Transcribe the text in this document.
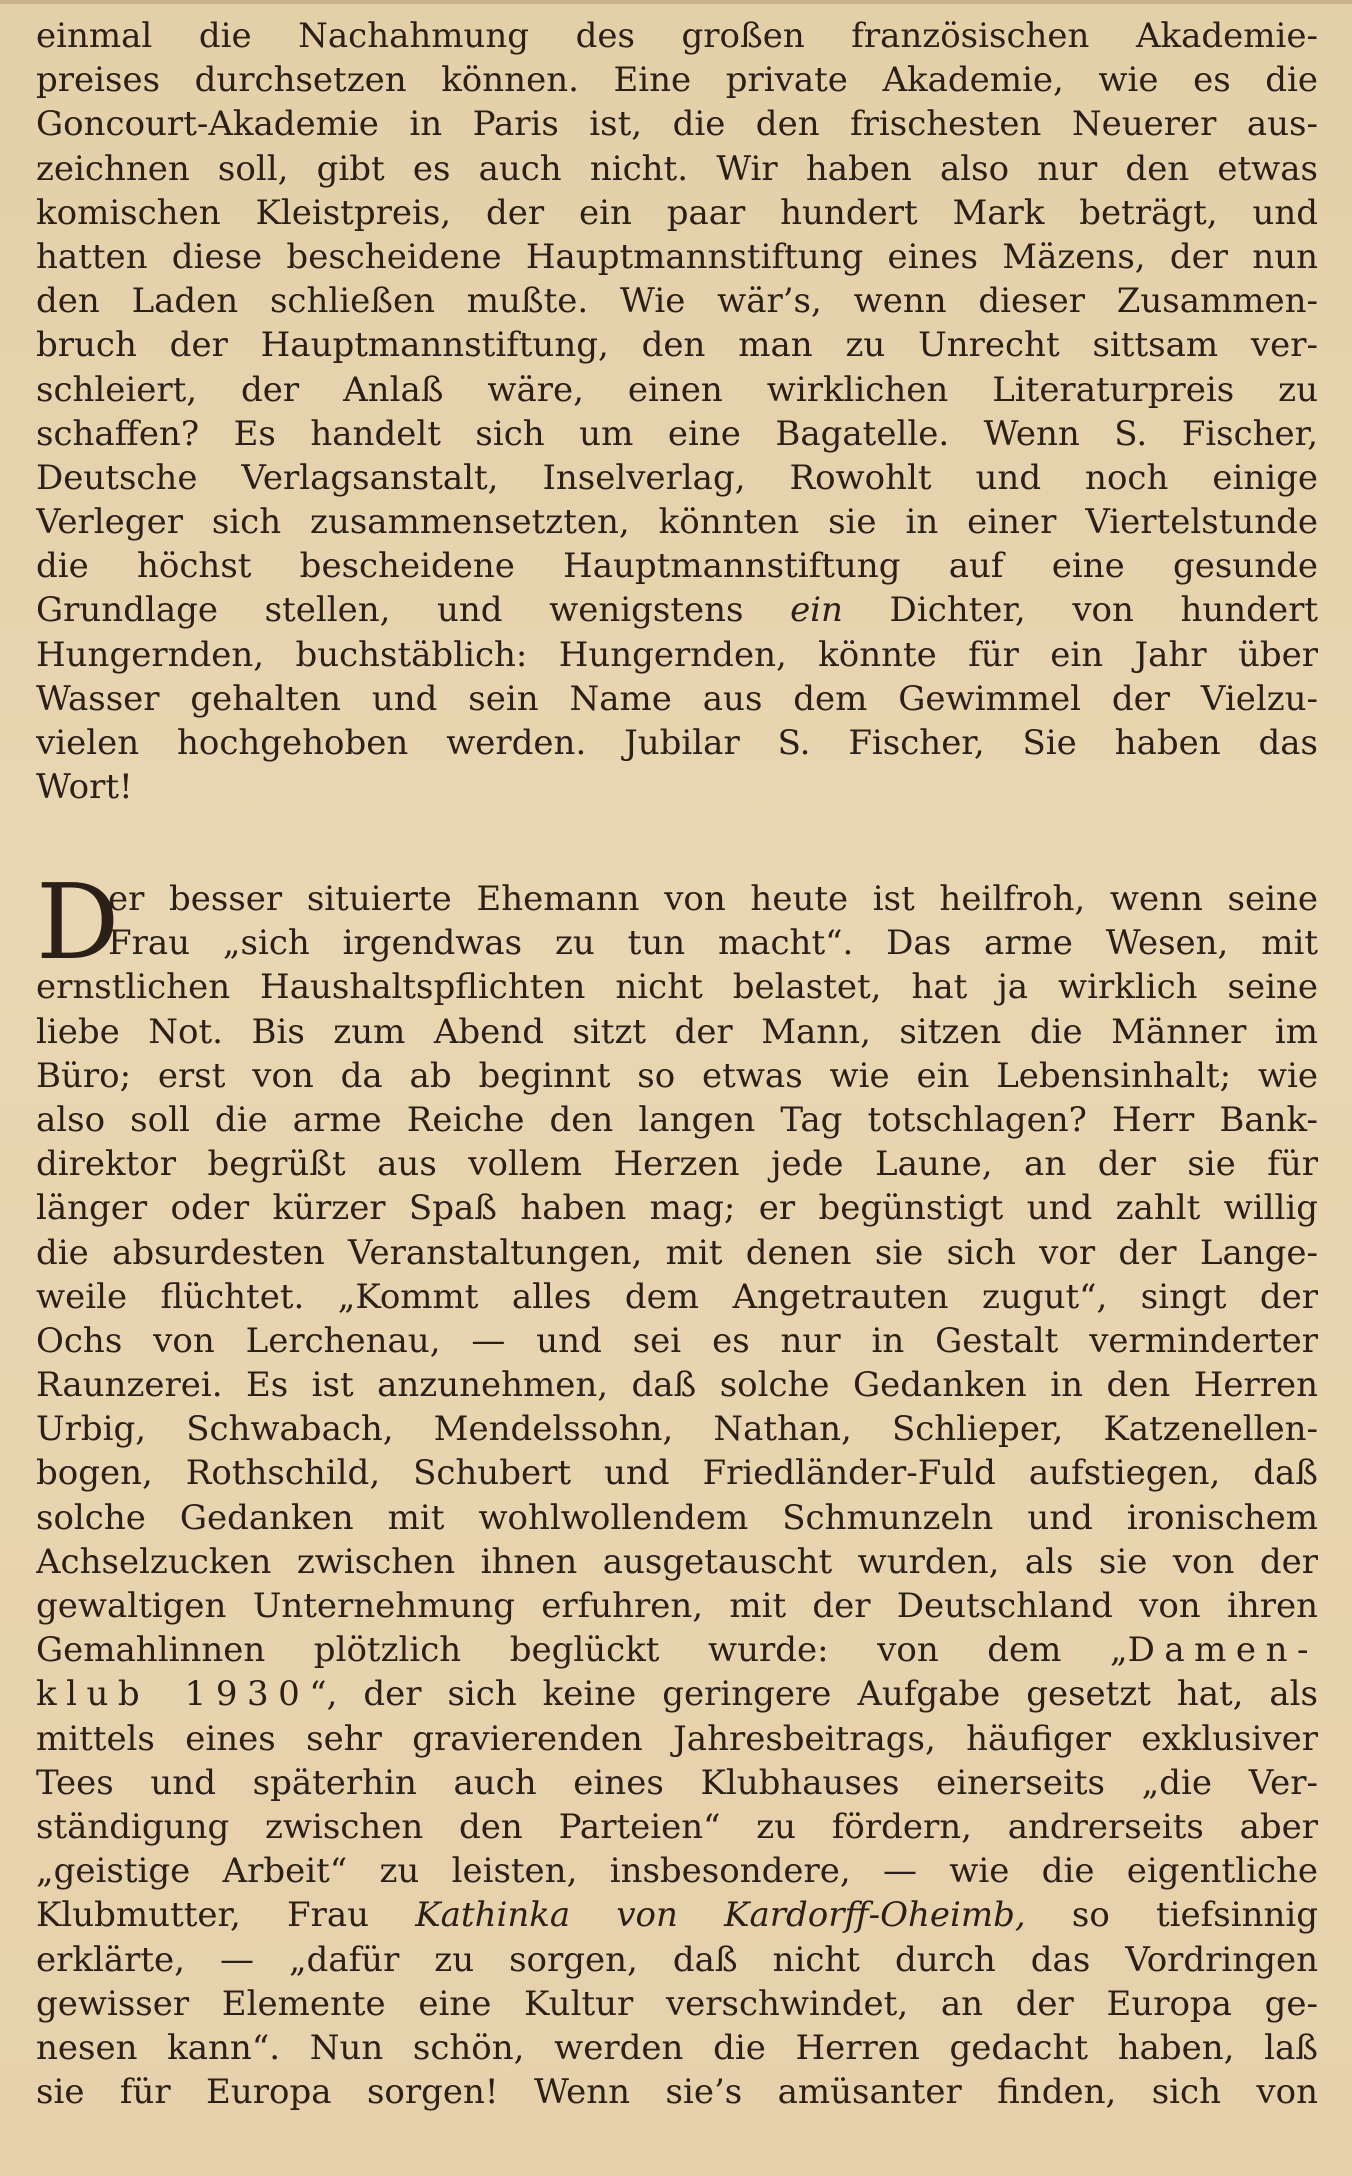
einmal die Nachahmung des großen französischen Akademie-
preises durchsetzen können. Eine private Akademie, wie es die
Goncourt-Akademie in Paris ist, die den frischesten Neuerer aus-
zeichnen soll, gibt es auch nicht. Wir haben also nur den etwas
komischen Kleistpreis, der ein paar hundert Mark beträgt, und
hatten diese bescheidene Hauptmannstiftung eines Mäzens, der nun
den Laden schließen mußte. Wie wär’s, wenn dieser Zusammen-
bruch der Hauptmannstiftung, den man zu Unrecht sittsam ver-
schleiert, der Anlaß wäre, einen wirklichen Literaturpreis zu
schaffen? Es handelt sich um eine Bagatelle. Wenn S. Fischer,
Deutsche Verlagsanstalt, Inselverlag, Rowohlt und noch einige
Verleger sich zusammensetzten, könnten sie in einer Viertelstunde
die höchst bescheidene Hauptmannstiftung auf eine gesunde
Grundlage stellen, und wenigstens ein Dichter, von hundert
Hungernden, buchstäblich: Hungernden, könnte für ein Jahr über
Wasser gehalten und sein Name aus dem Gewimmel der Vielzu-
vielen hochgehoben werden. Jubilar S. Fischer, Sie haben das
Wort!
D
er besser situierte Ehemann von heute ist heilfroh, wenn seine
Frau „sich irgendwas zu tun macht“. Das arme Wesen, mit
ernstlichen Haushaltspflichten nicht belastet, hat ja wirklich seine
liebe Not. Bis zum Abend sitzt der Mann, sitzen die Männer im
Büro; erst von da ab beginnt so etwas wie ein Lebensinhalt; wie
also soll die arme Reiche den langen Tag totschlagen? Herr Bank-
direktor begrüßt aus vollem Herzen jede Laune, an der sie für
länger oder kürzer Spaß haben mag; er begünstigt und zahlt willig
die absurdesten Veranstaltungen, mit denen sie sich vor der Lange-
weile flüchtet. „Kommt alles dem Angetrauten zugut“, singt der
Ochs von Lerchenau, — und sei es nur in Gestalt verminderter
Raunzerei. Es ist anzunehmen, daß solche Gedanken in den Herren
Urbig, Schwabach, Mendelssohn, Nathan, Schlieper, Katzenellen-
bogen, Rothschild, Schubert und Friedländer-Fuld aufstiegen, daß
solche Gedanken mit wohlwollendem Schmunzeln und ironischem
Achselzucken zwischen ihnen ausgetauscht wurden, als sie von der
gewaltigen Unternehmung erfuhren, mit der Deutschland von ihren
Gemahlinnen plötzlich beglückt wurde: von dem „Damen-
klub 1930“, der sich keine geringere Aufgabe gesetzt hat, als
mittels eines sehr gravierenden Jahresbeitrags, häufiger exklusiver
Tees und späterhin auch eines Klubhauses einerseits „die Ver-
ständigung zwischen den Parteien“ zu fördern, andrerseits aber
„geistige Arbeit“ zu leisten, insbesondere, — wie die eigentliche
Klubmutter, Frau Kathinka von Kardorff-Oheimb, so tiefsinnig
erklärte, — „dafür zu sorgen, daß nicht durch das Vordringen
gewisser Elemente eine Kultur verschwindet, an der Europa ge-
nesen kann“. Nun schön, werden die Herren gedacht haben, laß
sie für Europa sorgen! Wenn sie’s amüsanter finden, sich von
